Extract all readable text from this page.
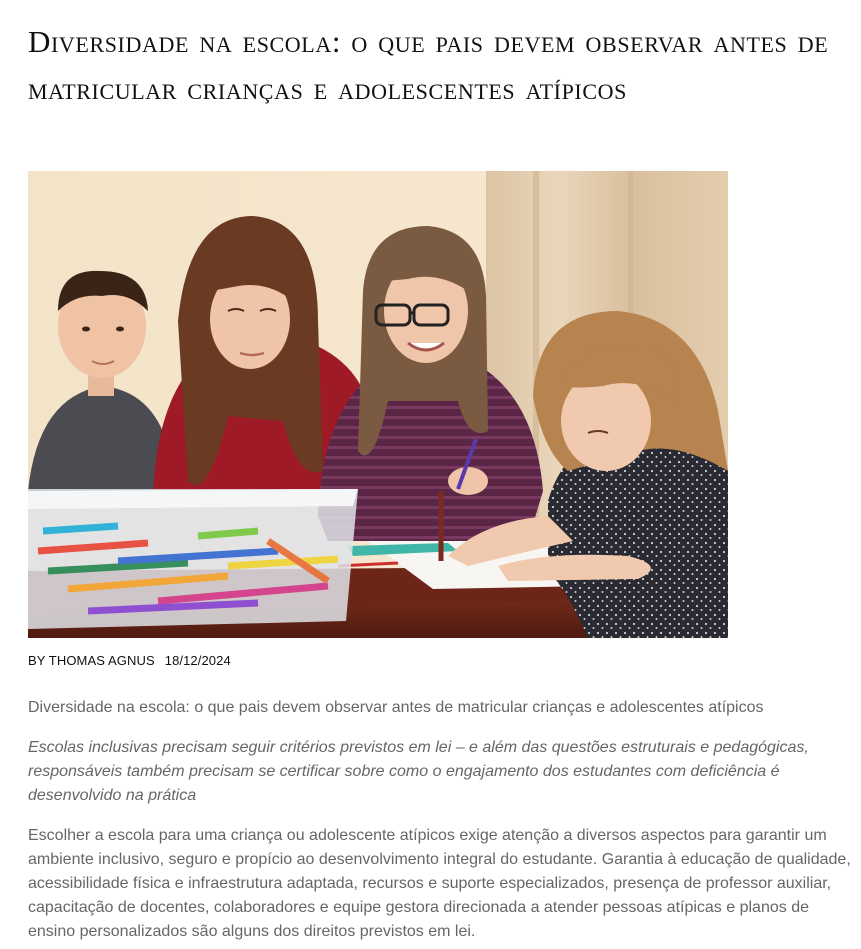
Diversidade na escola: o que pais devem observar antes de matricular crianças e adolescentes atípicos
BY THOMAS AGNUS 18/12/2024

Diversidade na escola: o que pais devem observar antes de matricular crianças e adolescentes atípicos

Escolas inclusivas precisam seguir critérios previstos em lei – e além das questões estruturais e pedagógicas, responsáveis também precisam se certificar sobre como o engajamento dos estudantes com deficiência é desenvolvido na prática

Escolher a escola para uma criança ou adolescente atípicos exige atenção a diversos aspectos para garantir um ambiente inclusivo, seguro e propício ao desenvolvimento integral do estudante. Garantia à educação de qualidade, acessibilidade física e infraestrutura adaptada, recursos e suporte especializados, presença de professor auxiliar, capacitação de docentes, colaboradores e equipe gestora direcionada a atender pessoas atípicas e planos de ensino personalizados são alguns dos direitos previstos em lei.
